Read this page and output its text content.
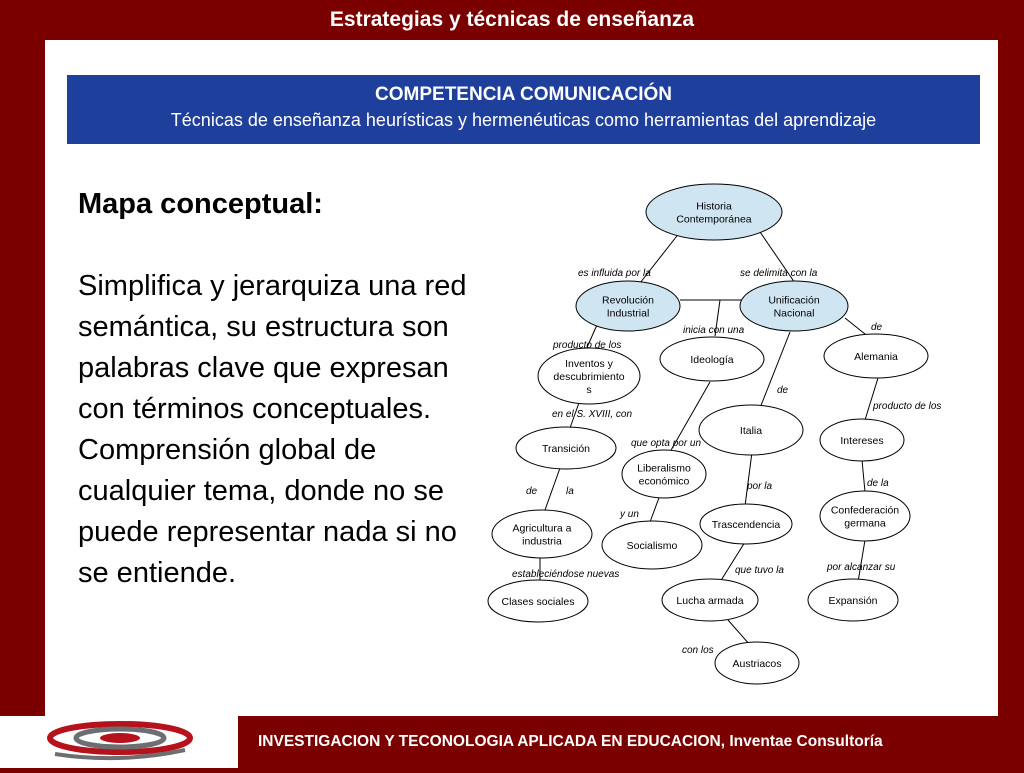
Estrategias y técnicas de enseñanza
COMPETENCIA COMUNICACIÓN
Técnicas de enseñanza heurísticas y hermenéuticas como herramientas del aprendizaje
Mapa conceptual:
Simplifica y jerarquiza una red semántica, su estructura son palabras clave que expresan con términos conceptuales. Comprensión global de cualquier tema, donde no se puede representar nada si no se entiende.
Historia
Contemporánea
Revolución
Industrial
Unificación
Nacional
Inventos y
descubrimiento
s
Ideología	Alemania
Italia
Intereses
Transición
Liberalismo
económico
Agricultura a
industria	Socialismo
Trascendencia
Confederación
germana
Clases sociales	Lucha armada	Expansión
Austriacos
es influida por la	se delimita con la
inicia con una	de
producto de los
de
producto de los
en el S. XVIII, con
que opta por un
de	la
y un
por la	de la
estableciéndose nuevas	que tuvo la	por alcanzar su
con los
INVESTIGACION Y TECONOLOGIA APLICADA EN EDUCACION, Inventae Consultoría
